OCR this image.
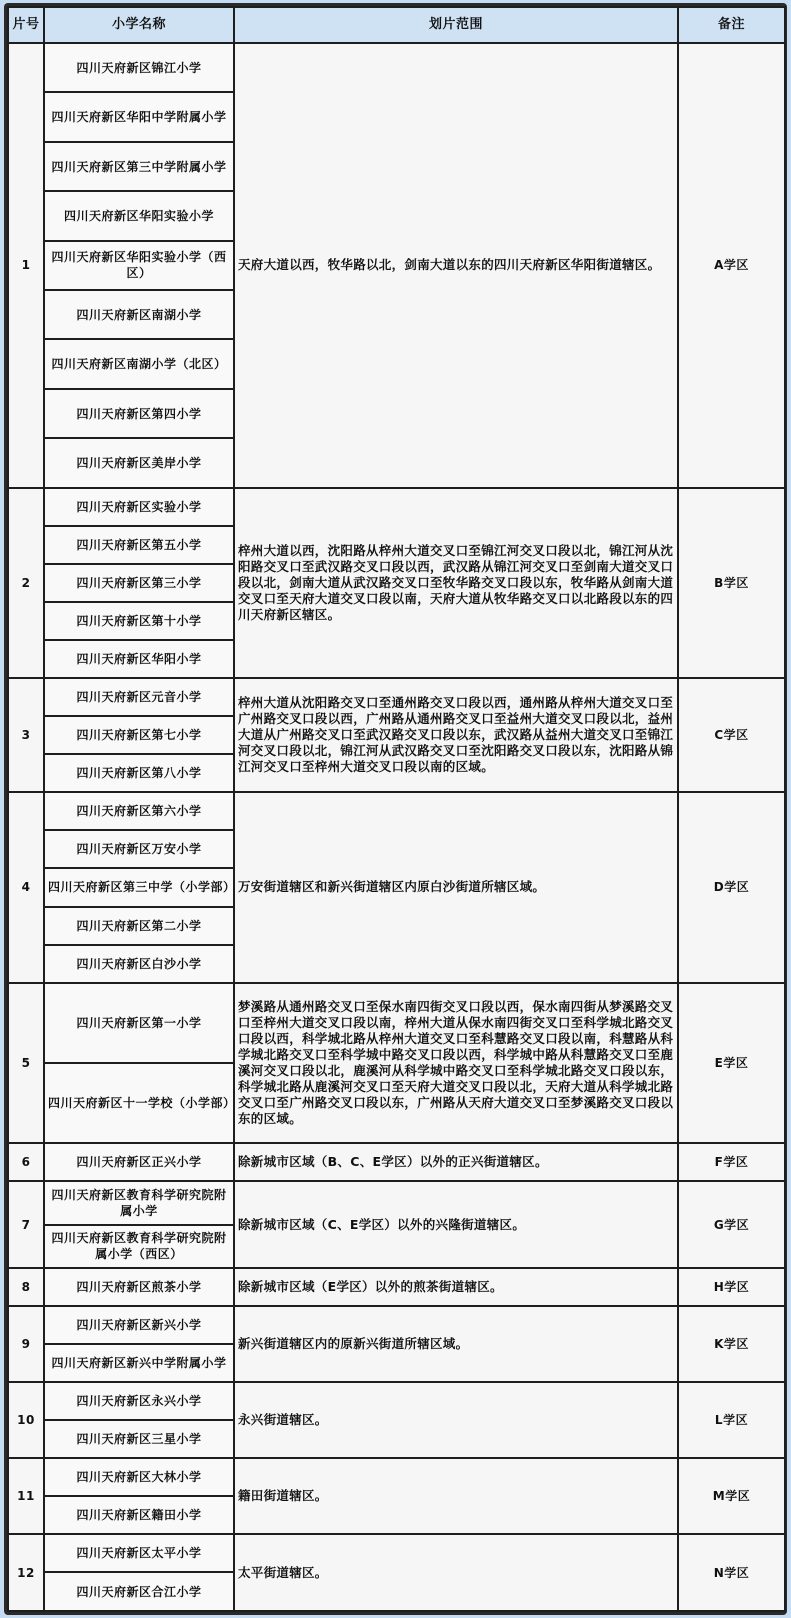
片号	小学名称	划片范围	备注
1	四川天府新区锦江小学	天府大道以西，牧华路以北，剑南大道以东的四川天府新区华阳街道辖区。	A学区
	四川天府新区华阳中学附属小学		
	四川天府新区第三中学附属小学		
	四川天府新区华阳实验小学		
	四川天府新区华阳实验小学（西区）		
	四川天府新区南湖小学		
	四川天府新区南湖小学（北区）		
	四川天府新区第四小学		
	四川天府新区美岸小学		
2	四川天府新区实验小学	梓州大道以西，沈阳路从梓州大道交叉口至锦江河交叉口段以北，锦江河从沈阳路交叉口至武汉路交叉口段以西，武汉路从锦江河交叉口至剑南大道交叉口段以北，剑南大道从武汉路交叉口至牧华路交叉口段以东，牧华路从剑南大道交叉口至天府大道交叉口段以南，天府大道从牧华路交叉口以北路段以东的四川天府新区辖区。	B学区
	四川天府新区第五小学		
	四川天府新区第三小学		
	四川天府新区第十小学		
	四川天府新区华阳小学		
3	四川天府新区元音小学	梓州大道从沈阳路交叉口至通州路交叉口段以西，通州路从梓州大道交叉口至广州路交叉口段以西，广州路从通州路交叉口至益州大道交叉口段以北，益州大道从广州路交叉口至武汉路交叉口段以东，武汉路从益州大道交叉口至锦江河交叉口段以北，锦江河从武汉路交叉口至沈阳路交叉口段以东，沈阳路从锦江河交叉口至梓州大道交叉口段以南的区域。	C学区
	四川天府新区第七小学		
	四川天府新区第八小学		
4	四川天府新区第六小学	万安街道辖区和新兴街道辖区内原白沙街道所辖区域。	D学区
	四川天府新区万安小学		
	四川天府新区第三中学（小学部）		
	四川天府新区第二小学		
	四川天府新区白沙小学		
5	四川天府新区第一小学	梦溪路从通州路交叉口至保水南四街交叉口段以西，保水南四街从梦溪路交叉口至梓州大道交叉口段以南，梓州大道从保水南四街交叉口至科学城北路交叉口段以西，科学城北路从梓州大道交叉口至科慧路交叉口段以南，科慧路从科学城北路交叉口至科学城中路交叉口段以西，科学城中路从科慧路交叉口至鹿溪河交叉口段以北，鹿溪河从科学城中路交叉口至科学城北路交叉口段以东，科学城北路从鹿溪河交叉口至天府大道交叉口段以北，天府大道从科学城北路交叉口至广州路交叉口段以东，广州路从天府大道交叉口至梦溪路交叉口段以东的区域。	E学区
	四川天府新区十一学校（小学部）		
6	四川天府新区正兴小学	除新城市区域（B、C、E学区）以外的正兴街道辖区。	F学区
7	四川天府新区教育科学研究院附属小学	除新城市区域（C、E学区）以外的兴隆街道辖区。	G学区
	四川天府新区教育科学研究院附属小学（西区）		
8	四川天府新区煎茶小学	除新城市区域（E学区）以外的煎茶街道辖区。	H学区
9	四川天府新区新兴小学	新兴街道辖区内的原新兴街道所辖区域。	K学区
	四川天府新区新兴中学附属小学		
10	四川天府新区永兴小学	永兴街道辖区。	L学区
	四川天府新区三星小学		
11	四川天府新区大林小学	籍田街道辖区。	M学区
	四川天府新区籍田小学		
12	四川天府新区太平小学	太平街道辖区。	N学区
	四川天府新区合江小学		
